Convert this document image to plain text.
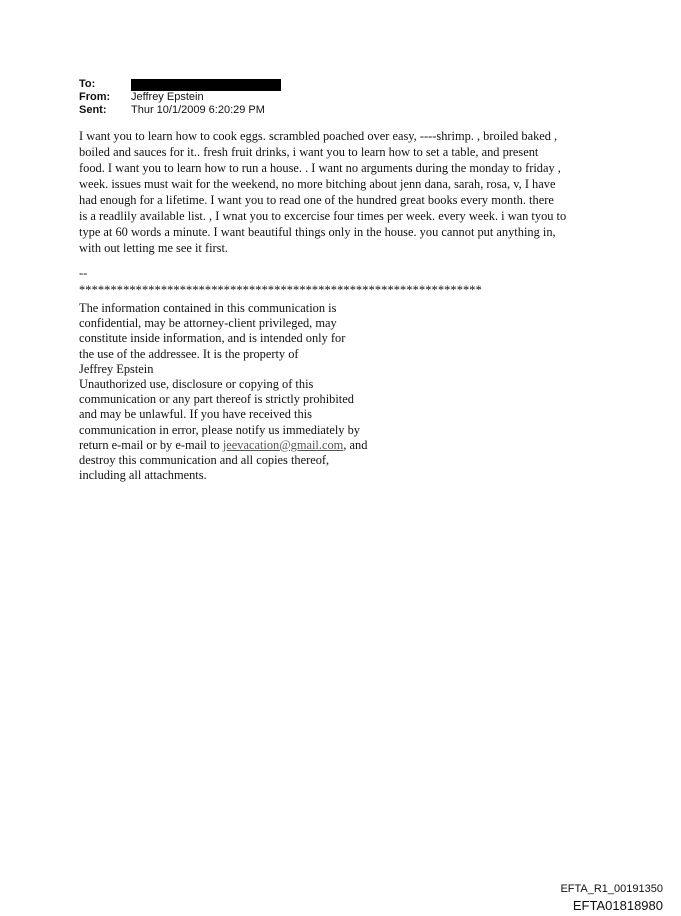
To:
From:	Jeffrey Epstein
Sent:	Thur 10/1/2009 6:20:29 PM
I want you to learn how to cook eggs. scrambled poached over easy, ----shrimp. , broiled baked ,
boiled and sauces for it.. fresh fruit drinks, i want you to learn how to set a table, and present
food. I want you to learn how to run a house. . I want no arguments during the monday to friday ,
week. issues must wait for the weekend, no more bitching about jenn dana, sarah, rosa, v, I have
had enough for a lifetime. I want you to read one of the hundred great books every month. there
is a readlily available list. , I wnat you to excercise four times per week. every week. i wan tyou to
type at 60 words a minute. I want beautiful things only in the house. you cannot put anything in,
with out letting me see it first.
--
****************************************************************
The information contained in this communication is
confidential, may be attorney-client privileged, may
constitute inside information, and is intended only for
the use of the addressee. It is the property of
Jeffrey Epstein
Unauthorized use, disclosure or copying of this
communication or any part thereof is strictly prohibited
and may be unlawful. If you have received this
communication in error, please notify us immediately by
return e-mail or by e-mail to jeevacation@gmail.com, and
destroy this communication and all copies thereof,
including all attachments.
EFTA_R1_00191350
EFTA01818980
